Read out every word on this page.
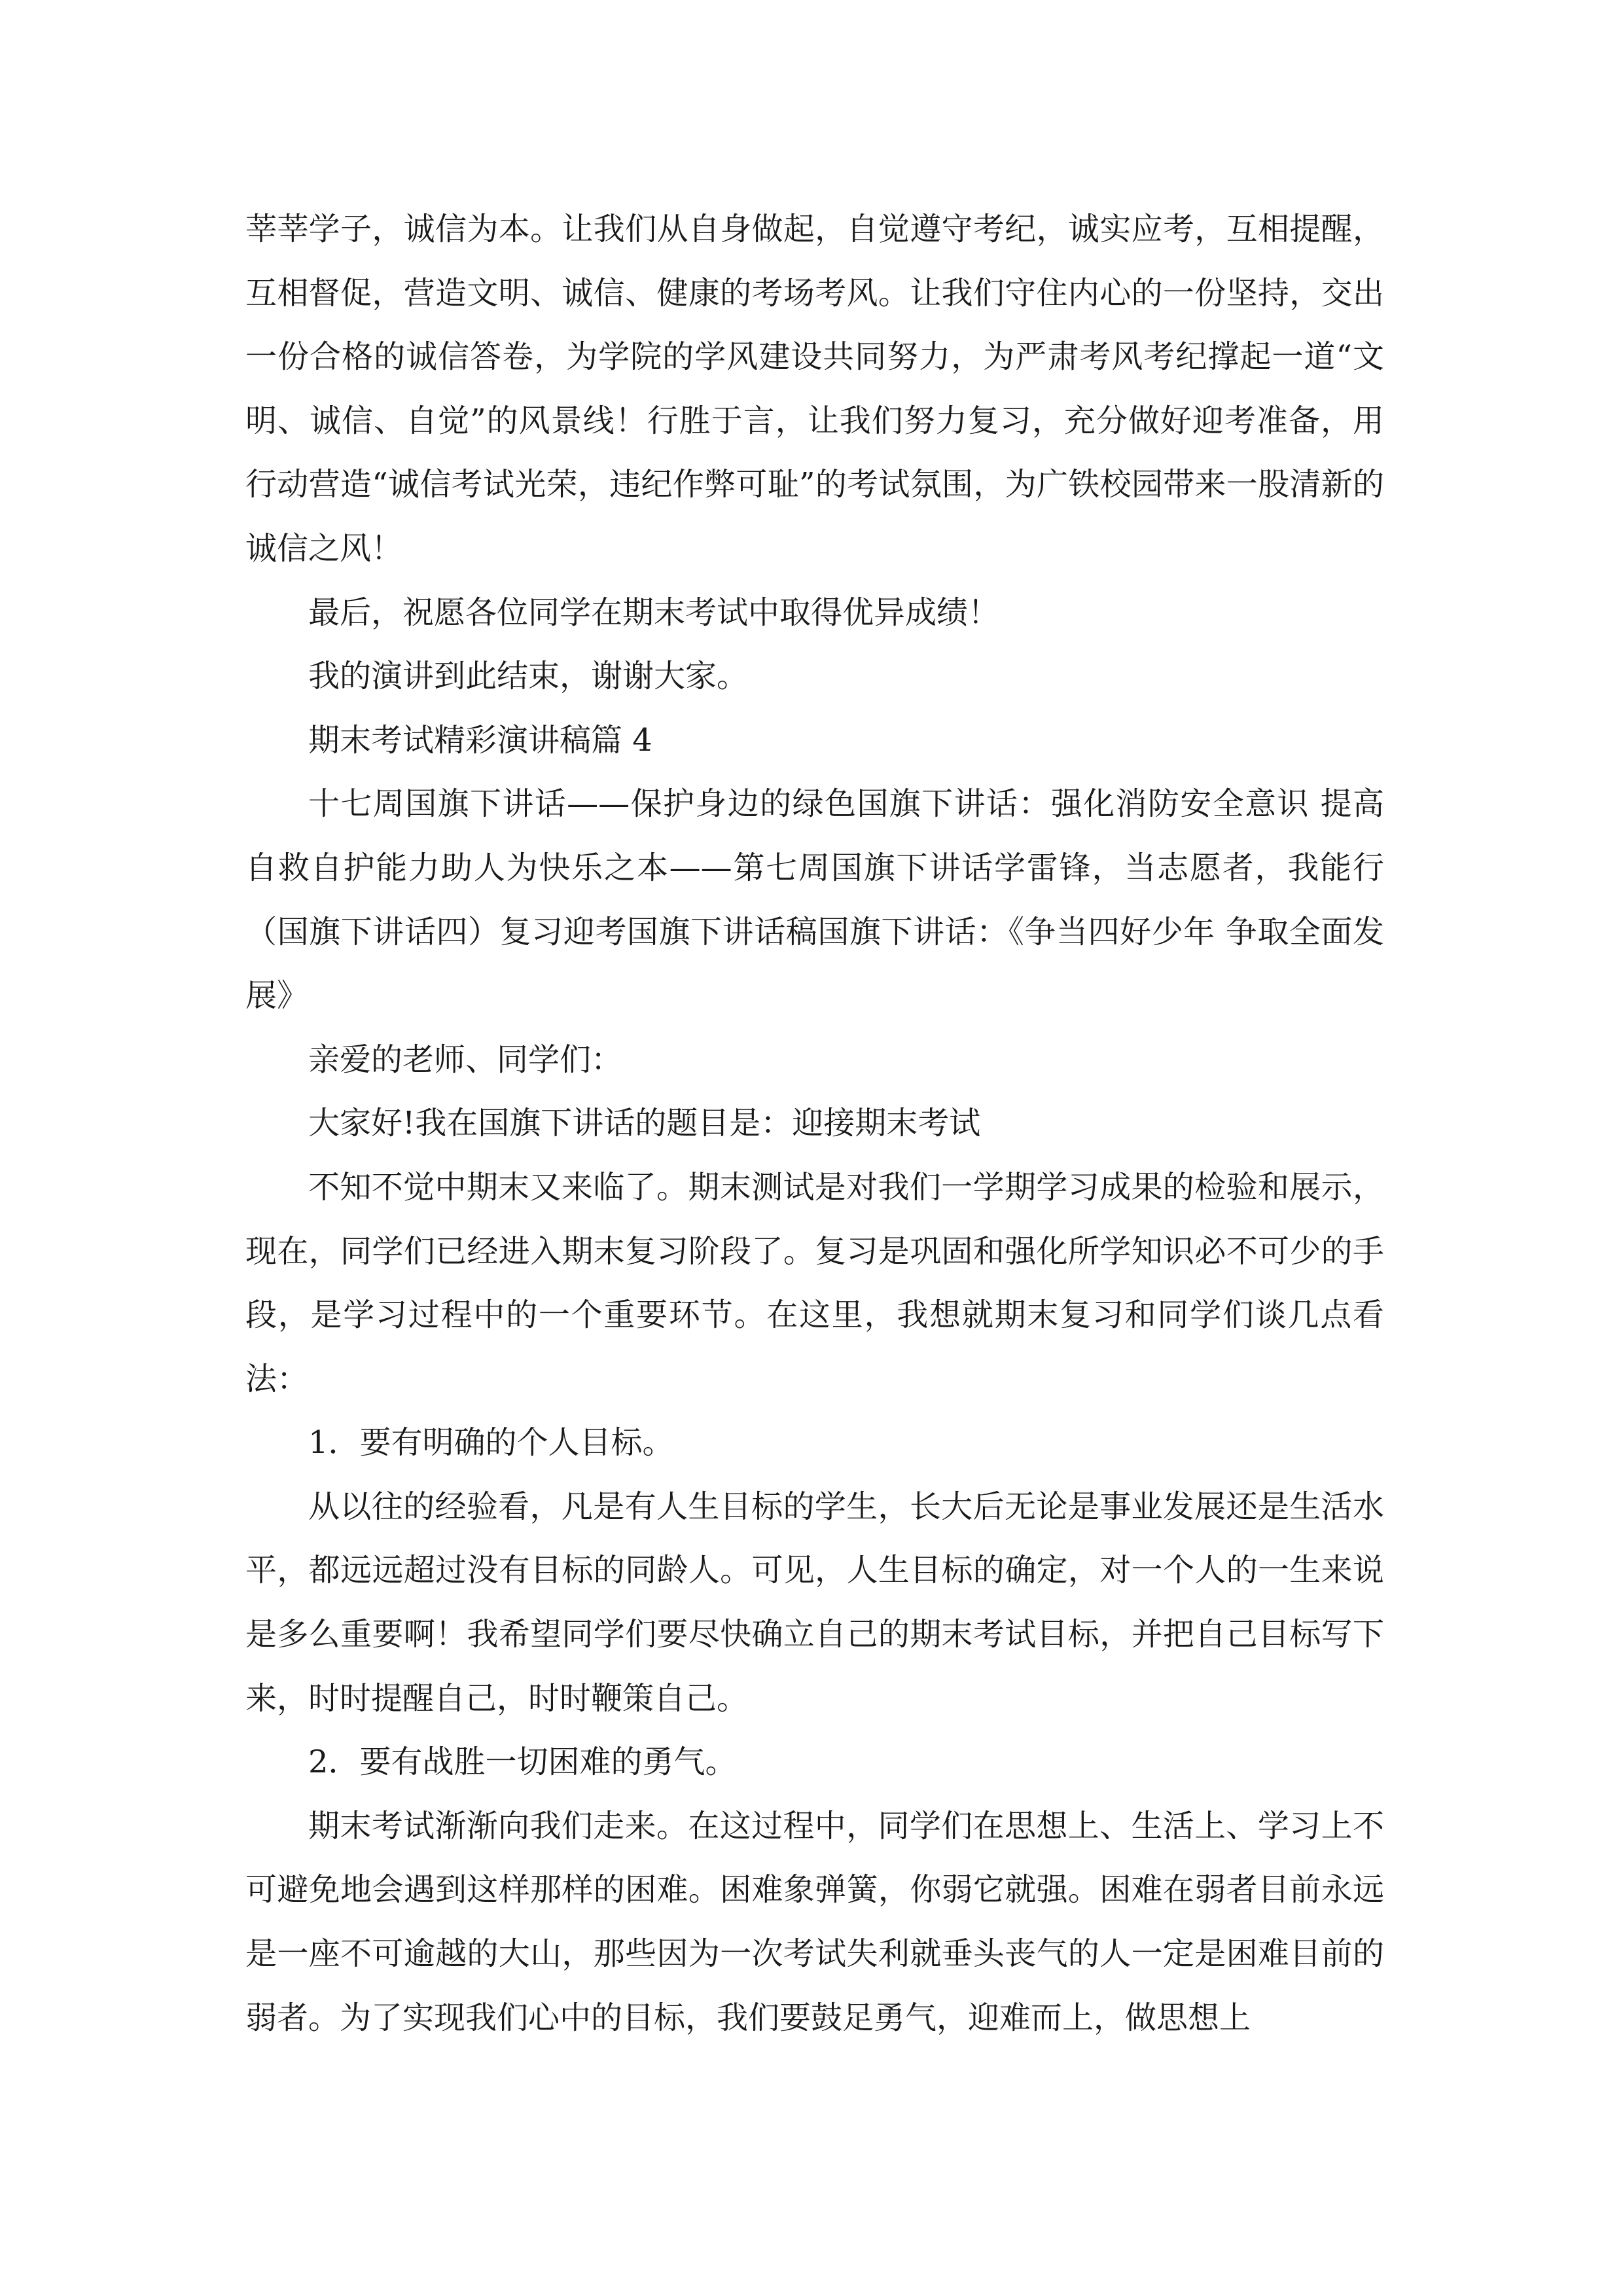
莘莘学子，诚信为本。让我们从自身做起，自觉遵守考纪，诚实应考，互相提醒，互相督促，营造文明、诚信、健康的考场考风。让我们守住内心的一份坚持，交出一份合格的诚信答卷，为学院的学风建设共同努力，为严肃考风考纪撑起一道“文明、诚信、自觉”的风景线！行胜于言，让我们努力复习，充分做好迎考准备，用行动营造“诚信考试光荣，违纪作弊可耻”的考试氛围，为广铁校园带来一股清新的诚信之风！

最后，祝愿各位同学在期末考试中取得优异成绩！

我的演讲到此结束，谢谢大家。

期末考试精彩演讲稿篇 4

十七周国旗下讲话——保护身边的绿色国旗下讲话：强化消防安全意识 提高自救自护能力助人为快乐之本——第七周国旗下讲话学雷锋，当志愿者，我能行（国旗下讲话四）复习迎考国旗下讲话稿国旗下讲话：《争当四好少年 争取全面发展》

亲爱的老师、同学们：

大家好!我在国旗下讲话的题目是：迎接期末考试

不知不觉中期末又来临了。期末测试是对我们一学期学习成果的检验和展示，现在，同学们已经进入期末复习阶段了。复习是巩固和强化所学知识必不可少的手段，是学习过程中的一个重要环节。在这里，我想就期末复习和同学们谈几点看法：

1．要有明确的个人目标。

从以往的经验看，凡是有人生目标的学生，长大后无论是事业发展还是生活水平，都远远超过没有目标的同龄人。可见，人生目标的确定，对一个人的一生来说是多么重要啊！我希望同学们要尽快确立自己的期末考试目标，并把自己目标写下来，时时提醒自己，时时鞭策自己。

2．要有战胜一切困难的勇气。

期末考试渐渐向我们走来。在这过程中，同学们在思想上、生活上、学习上不可避免地会遇到这样那样的困难。困难象弹簧，你弱它就强。困难在弱者目前永远是一座不可逾越的大山，那些因为一次考试失利就垂头丧气的人一定是困难目前的弱者。为了实现我们心中的目标，我们要鼓足勇气，迎难而上，做思想上
